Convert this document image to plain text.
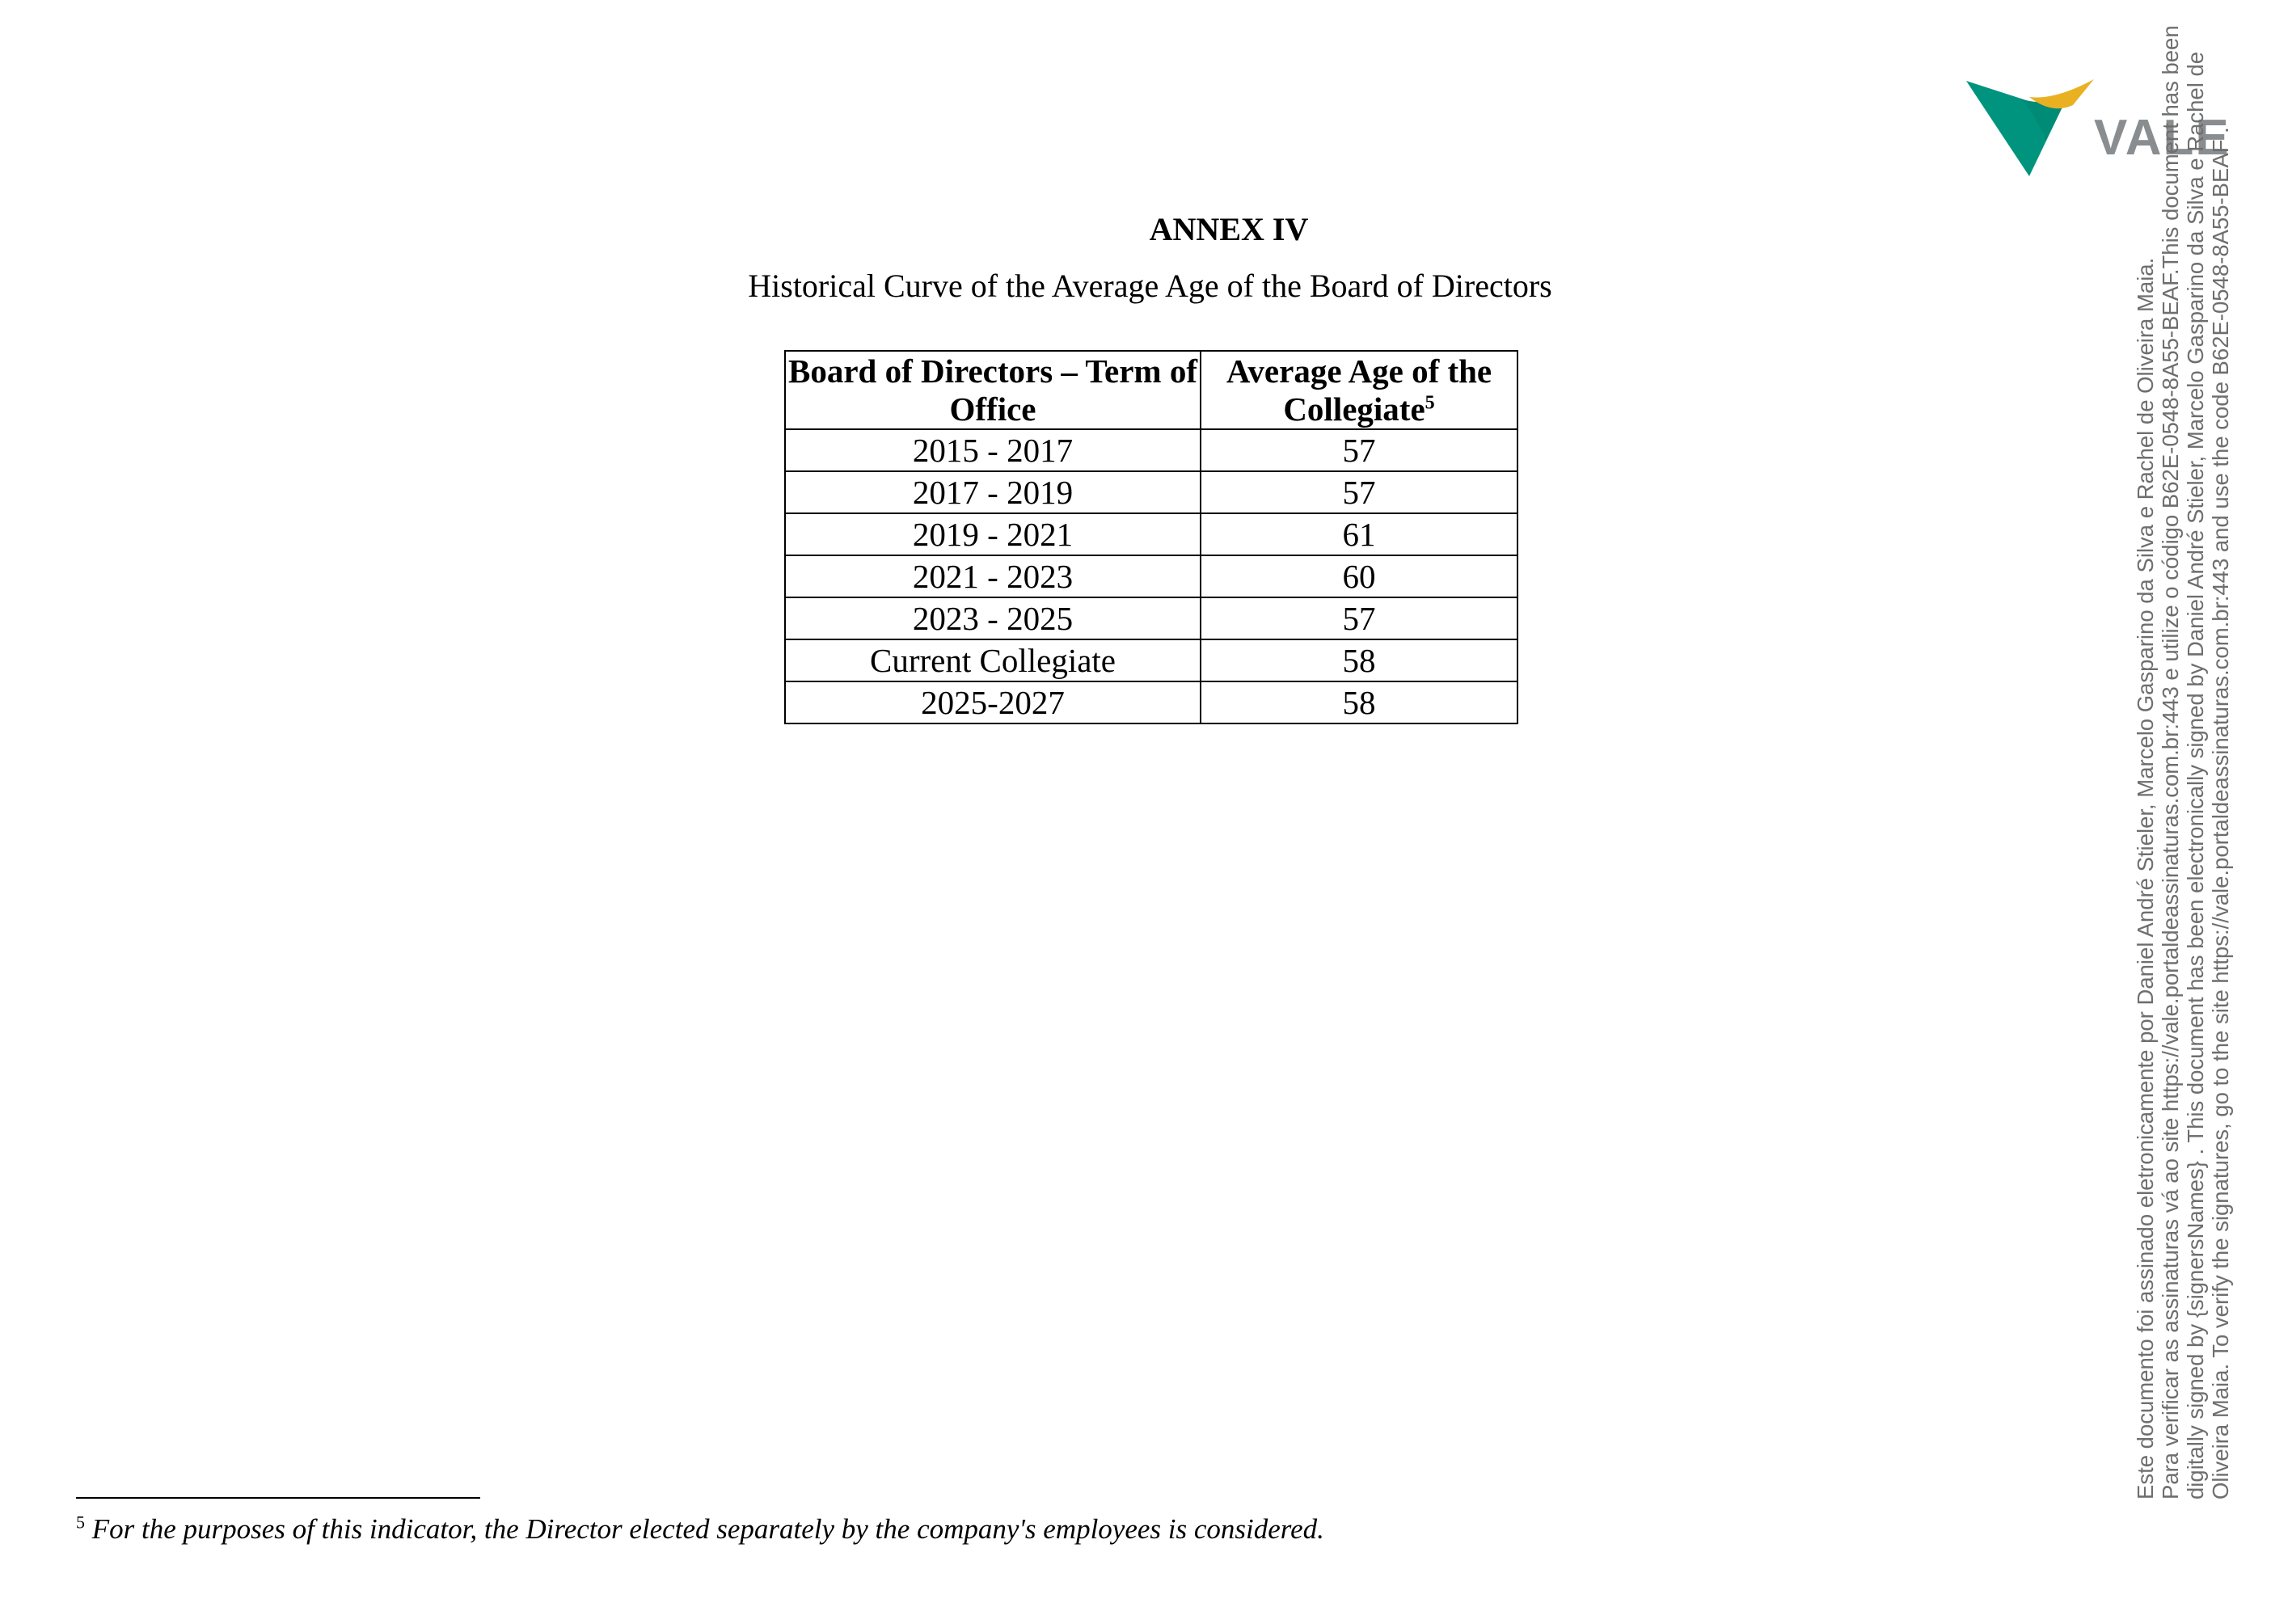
VALE
ANNEX IV
Historical Curve of the Average Age of the Board of Directors
Board of Directors – Term of Office	Average Age of the Collegiate$^5$
2015 - 2017	57
2017 - 2019	57
2019 - 2021	61
2021 - 2023	60
2023 - 2025	57
Current Collegiate	58
2025-2027	58
$^5$ For the purposes of this indicator, the Director elected separately by the company's employees is considered.
Este documento foi assinado eletronicamente por Daniel André Stieler, Marcelo Gasparino da Silva e Rachel de Oliveira Maia. Para verificar as assinaturas vá ao site https://vale.portaldeassinaturas.com.br:443 e utilize o código B62E-0548-8A55-BEAF.This document has been digitally signed by {signersNames} . This document has been electronically signed by Daniel André Stieler, Marcelo Gasparino da Silva e Rachel de Oliveira Maia. To verify the signatures, go to the site https://vale.portaldeassinaturas.com.br:443 and use the code B62E-0548-8A55-BEAF .
